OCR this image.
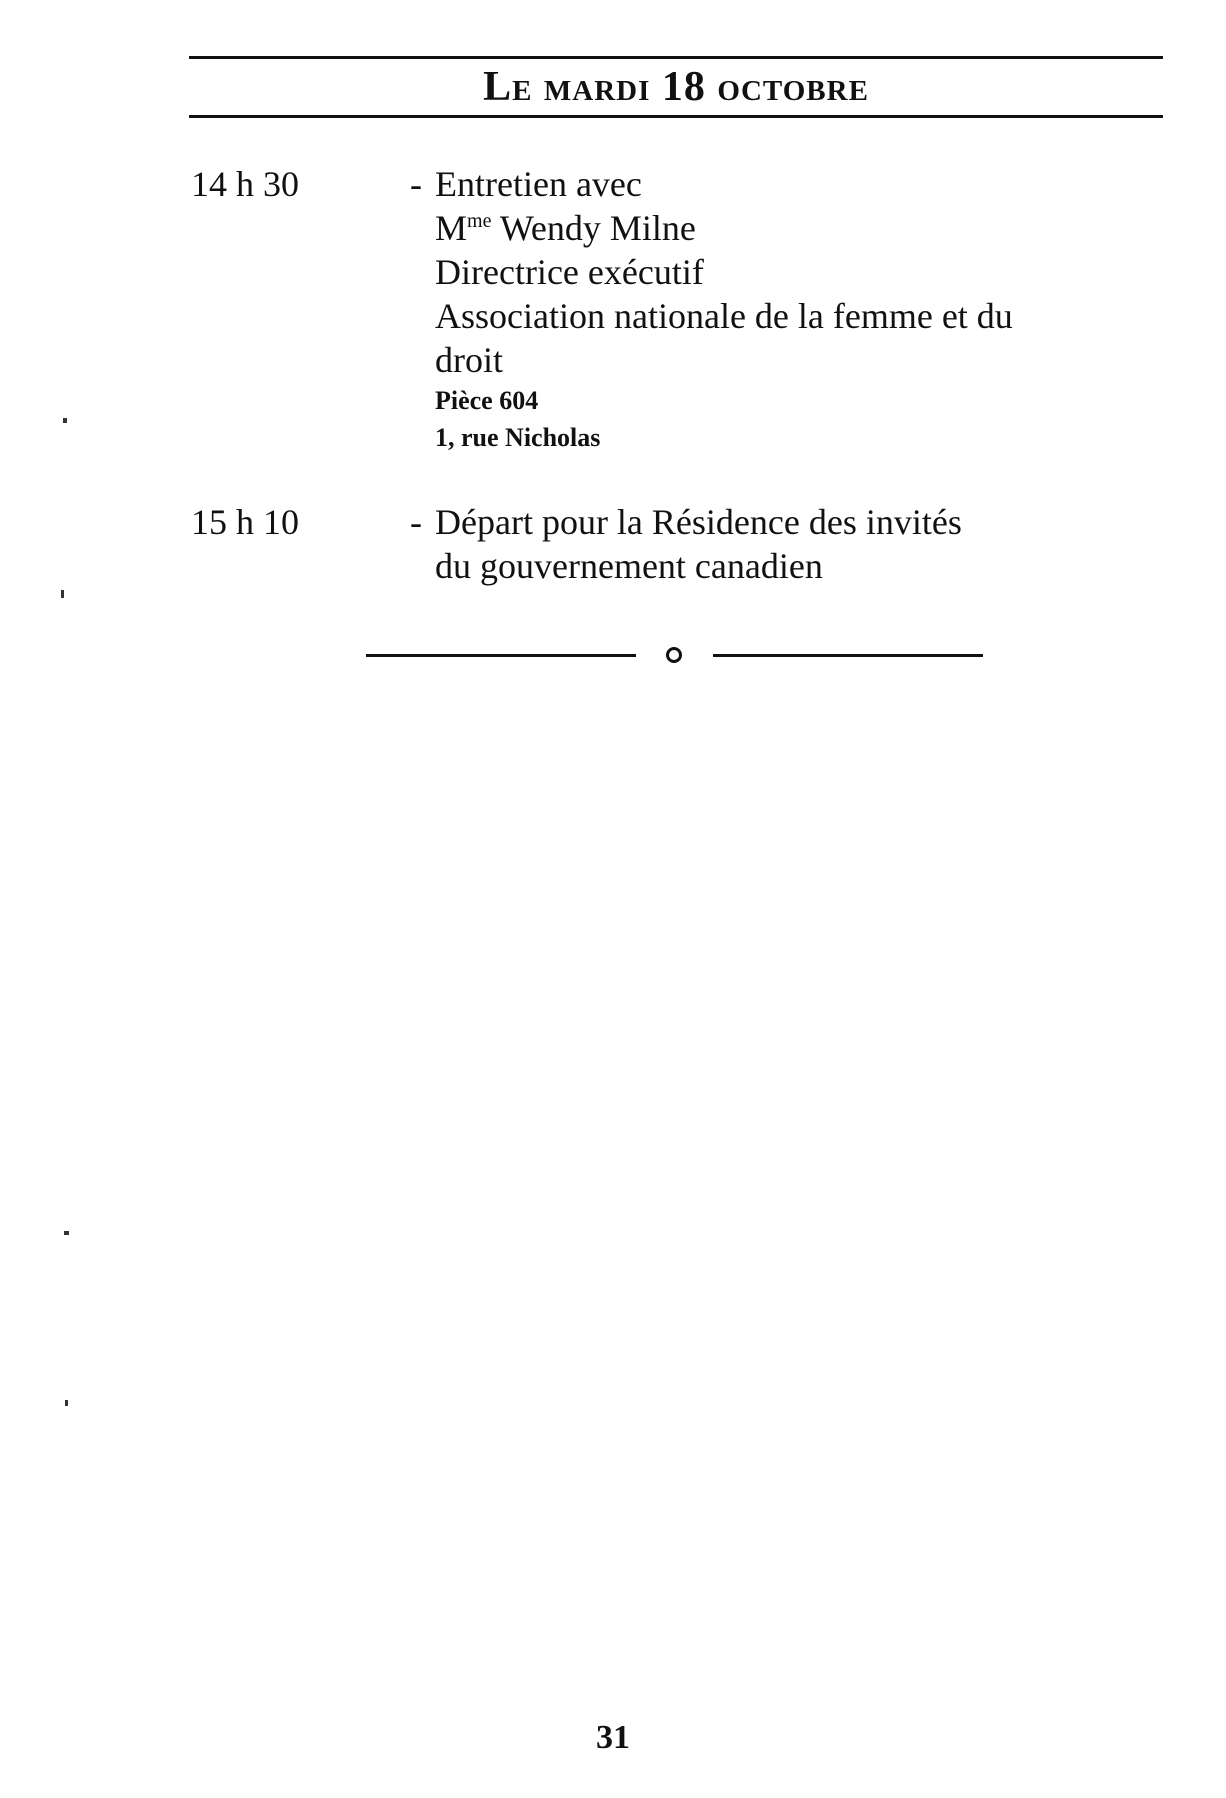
Le mardi 18 octobre
14 h 30	- Entretien avec
$M^{me}$ Wendy Milne
Directrice exécutif
Association nationale de la femme et du
droit
Pièce 604
1, rue Nicholas
15 h 10	- Départ pour la Résidence des invités
du gouvernement canadien
31
